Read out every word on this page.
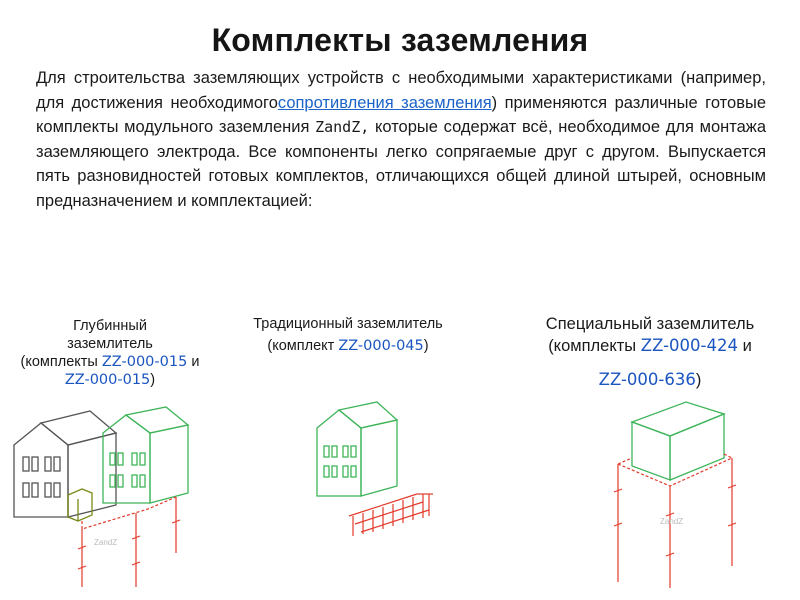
Комплекты заземления
Для строительства заземляющих устройств с необходимыми характеристиками (например, для достижения необходимогосопротивления заземления) применяются различные готовые комплекты модульного заземления ZandZ, которые содержат всё, необходимое для монтажа заземляющего электрода. Все компоненты легко сопрягаемые друг с другом. Выпускается пять разновидностей готовых комплектов, отличающихся общей длиной штырей, основным предназначением и комплектацией:
Глубинный
заземлитель
(комплекты ZZ-000-015 и
ZZ-000-015)
Традиционный заземлитель
(комплект ZZ-000-045)
Специальный заземлитель
(комплекты ZZ-000-424 и
ZZ-000-636)
ZandZ
ZandZ
